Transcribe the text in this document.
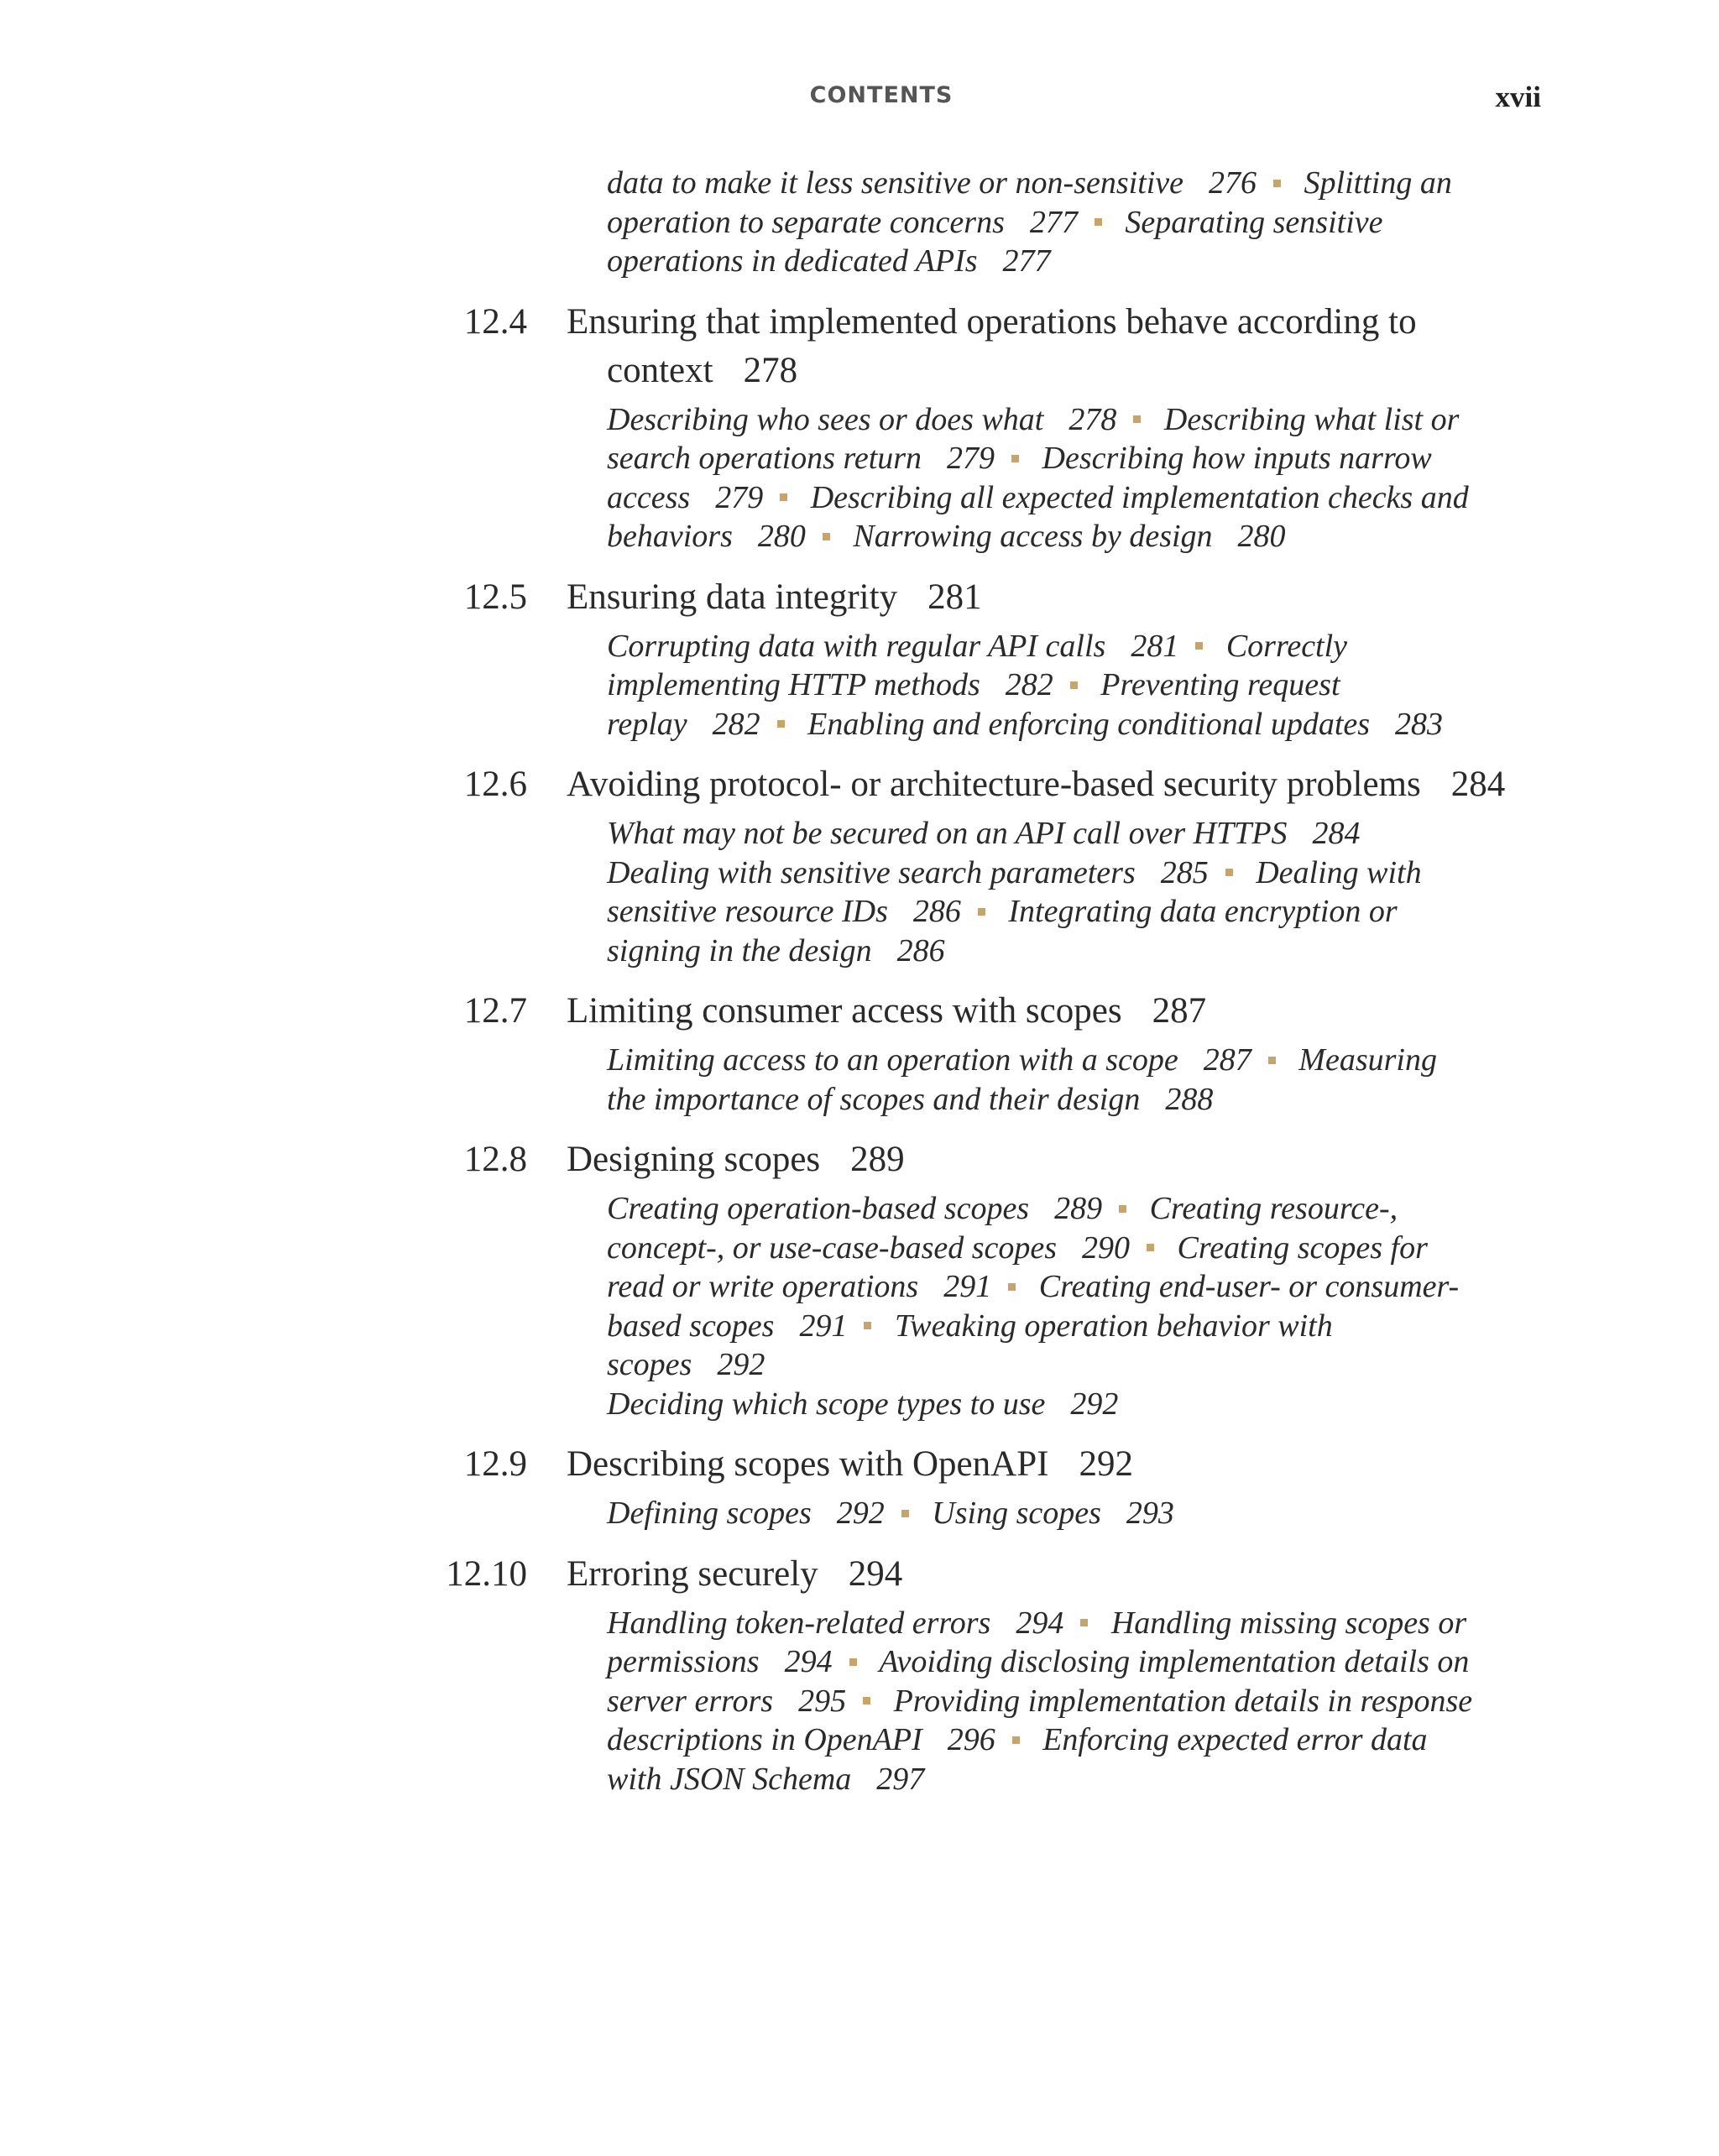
CONTENTS	xvii
data to make it less sensitive or non-sensitive 276 Splitting an operation to separate concerns 277 Separating sensitive operations in dedicated APIs 277
12.4 Ensuring that implemented operations behave according to context 278
Describing who sees or does what 278 Describing what list or search operations return 279 Describing how inputs narrow access 279 Describing all expected implementation checks and behaviors 280 Narrowing access by design 280
12.5 Ensuring data integrity 281
Corrupting data with regular API calls 281 Correctly implementing HTTP methods 282 Preventing request replay 282 Enabling and enforcing conditional updates 283
12.6 Avoiding protocol- or architecture-based security problems 284
What may not be secured on an API call over HTTPS 284
Dealing with sensitive search parameters 285 Dealing with sensitive resource IDs 286 Integrating data encryption or signing in the design 286
12.7 Limiting consumer access with scopes 287
Limiting access to an operation with a scope 287 Measuring the importance of scopes and their design 288
12.8 Designing scopes 289
Creating operation-based scopes 289 Creating resource-, concept-, or use-case-based scopes 290 Creating scopes for read or write operations 291 Creating end-user- or consumer-based scopes 291 Tweaking operation behavior with scopes 292
Deciding which scope types to use 292
12.9 Describing scopes with OpenAPI 292
Defining scopes 292 Using scopes 293
12.10 Erroring securely 294
Handling token-related errors 294 Handling missing scopes or permissions 294 Avoiding disclosing implementation details on server errors 295 Providing implementation details in response descriptions in OpenAPI 296 Enforcing expected error data with JSON Schema 297
